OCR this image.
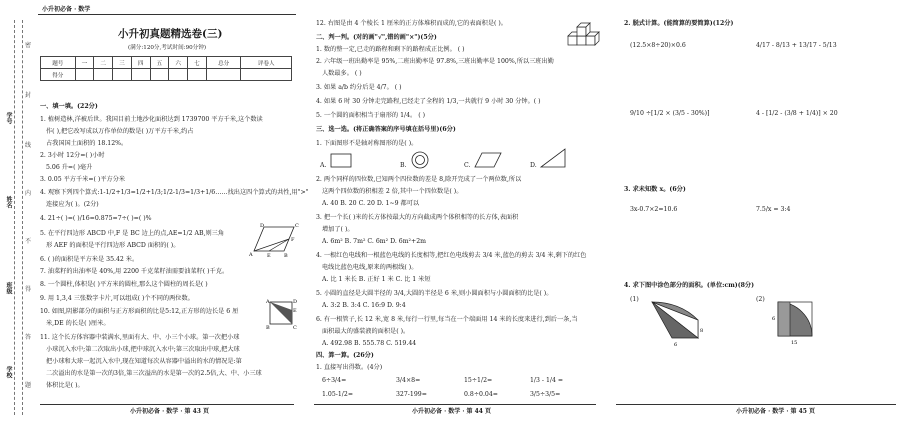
小升初必备 · 数学
学号
姓名
班级
学校
密
封
线
内
不
得
答
题
小升初真题精选卷(三)
(满分:120分,考试时间:90分钟)
题号	一	二	三	四	五	六	七	总分	评卷人
得分									
一、填一填。(22分)
1. 植树造林,洋被后世。我国目前土地沙化面积达到 1739700 平方千米,这个数读
作( ),把它改写成以万作单位的数是( )万平方千米,约占
占我国国土面积的 18.12%。
2. 3小时 12分=( )小时
5.06 升=( )毫升
3. 0.05 平方千米=( )平方分米
4. 观察下列四个算式:1-1/2+1/3=1/2+1/3;1/2-1/3=1/3+1/6……找出这四个算式的共性,用">"
连接应为( )。(2分)
4. 21÷( )=( )/16=0.875=7÷( )=( )%
5. 在平行四边形 ABCD 中,F 是 BC 边上的点,AE=1/2 AB,则三角
形 AEF 的面积是平行四边形 ABCD 面积的( )。
6. ( )的面积是平方米是 35.42 米。
7. 油菜籽的出油率是 40%,用 2200 千克菜籽油需要油菜籽( )千克。
8. 一个圆柱,体积是( )平方米的圆柱,那么这个圆柱的周长是( )
9. 用 1,3,4 三张数字卡片,可以组成( )个不同的两位数。
10. 如图,阴影部分的面积与正方形面积的比是5:12,正方形的边长是 6 厘
米,DE 的长是( )厘米。
11. 这个长方体容器中装满水,里面有大、中、小三个小球。第一次把小球
小球沉入水中;第二次取出小球,把中球沉入水中;第三次取出中球,把大球
把小球和大球一起沉入水中,现在知道每次从容器中溢出的水的情况是:第
二次溢出的水是第一次的3倍,第三次溢出的水是第一次的2.5倍,大、中、小三球
体积比是( )。
D	C
F
A	E	B
A	D
E
B	C
小升初必备 · 数学 · 第 43 页
12. 右图是由 4 个棱长 1 厘米的正方体堆积而成的,它的表面积是( )。
二、判一判。(对的画"√",错的画"×")(5分)
1. 数的整一定,已走的路程和剩下的路程成正比例。 ( )
2. 六年级一班出勤率是 95%,二班出勤率是 97.8%,三班出勤率是 100%,所以三班出勤
人数最多。 ( )
3. 如果 a/b 约分后是 4/7。 ( )
4. 如果 6 时 30 分钟走完路程,已经走了全程的 1/3,一共就行 9 小时 30 分钟。( )
5. 一个圆的面积相当于扇形的 1/4。 ( )
三、选一选。(将正确答案的序号填在括号里)(6分)
1. 下面图形不是轴对称图形的是( )。
A.	B.	C.	D.
2. 两个同样的四位数,已知两个四位数的差是 8,除开完成了一个两位数,所以
这两个四位数的积相差 2 倍,其中一个四位数是( )。
A. 40 B. 20 C. 20 D. 1~9 都可以
3. 把一个长( )米的长方体按最大的方向截成两个体积相等的长方体,表面积
增加了( )。
A. 6m² B. 7m² C. 6m² D. 6m²+2m
4. 一根红色电线和一根蓝色电线的长度相等,把红色电线剪去 3/4 米,蓝色的剪去 3/4 米,剩下的红色
电线比蓝色电线,原来的两根线( )。
A. 比 1 米长 B. 正好 1 米 C. 比 1 米短
5. 小圆的直径是大圆半径的 3/4,大圆的半径是 6 米,则小圆面积与小圆面积的比是( )。
A. 3:2 B. 3:4 C. 16:9 D. 9:4
6. 有一根管子,长 12 米,宽 8 米,每行一行里,每当在一个端面用 14 米的长度来进行,到后一条,当
面积最大的盛装液的面积是( )。
A. 492.98 B. 555.78 C. 519.44
四、算一算。(26分)
1. 直接写出得数。(4分)
6÷3/4=	3/4×8=	15÷1/2=	1/3 - 1/4 =
1.05-1/2=	327-199=	0.8÷0.04=	3/5÷3/5=
小升初必备 · 数学 · 第 44 页
2. 脱式计算。(能简算的要简算)(12分)
(12.5×8÷20)×0.6	4/17 - 8/13 + 13/17 - 5/13
9/10 ÷[1/2 × (3/5 - 30%)]	4 - [1/2 - (3/8 + 1/4)] × 20
3. 求未知数 x。(6分)
3x-0.7×2=10.6	7.5/x = 3:4
4. 求下图中涂色部分的面积。(单位:cm)(8分)
(1)
6
8
(2)
6
15
小升初必备 · 数学 · 第 45 页
